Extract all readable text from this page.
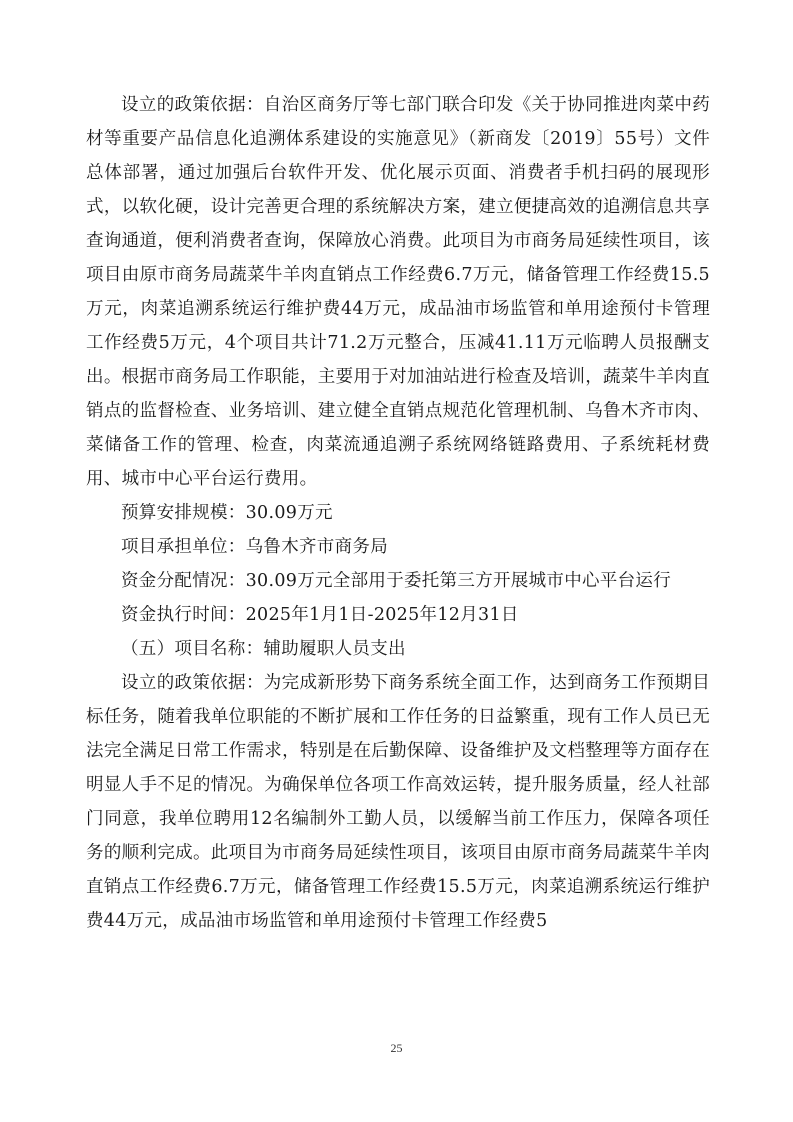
设立的政策依据：自治区商务厅等七部门联合印发《关于协同推进肉菜中药材等重要产品信息化追溯体系建设的实施意见》（新商发〔2019〕55号）文件总体部署，通过加强后台软件开发、优化展示页面、消费者手机扫码的展现形式，以软化硬，设计完善更合理的系统解决方案，建立便捷高效的追溯信息共享查询通道，便利消费者查询，保障放心消费。此项目为市商务局延续性项目，该项目由原市商务局蔬菜牛羊肉直销点工作经费6.7万元，储备管理工作经费15.5万元，肉菜追溯系统运行维护费44万元，成品油市场监管和单用途预付卡管理工作经费5万元，4个项目共计71.2万元整合，压减41.11万元临聘人员报酬支出。根据市商务局工作职能，主要用于对加油站进行检查及培训，蔬菜牛羊肉直销点的监督检查、业务培训、建立健全直销点规范化管理机制、乌鲁木齐市肉、菜储备工作的管理、检查，肉菜流通追溯子系统网络链路费用、子系统耗材费用、城市中心平台运行费用。

预算安排规模：30.09万元

项目承担单位：乌鲁木齐市商务局

资金分配情况：30.09万元全部用于委托第三方开展城市中心平台运行

资金执行时间：2025年1月1日-2025年12月31日

（五）项目名称：辅助履职人员支出

设立的政策依据：为完成新形势下商务系统全面工作，达到商务工作预期目标任务，随着我单位职能的不断扩展和工作任务的日益繁重，现有工作人员已无法完全满足日常工作需求，特别是在后勤保障、设备维护及文档整理等方面存在明显人手不足的情况。为确保单位各项工作高效运转，提升服务质量，经人社部门同意，我单位聘用12名编制外工勤人员，以缓解当前工作压力，保障各项任务的顺利完成。此项目为市商务局延续性项目，该项目由原市商务局蔬菜牛羊肉直销点工作经费6.7万元，储备管理工作经费15.5万元，肉菜追溯系统运行维护费44万元，成品油市场监管和单用途预付卡管理工作经费5

25
